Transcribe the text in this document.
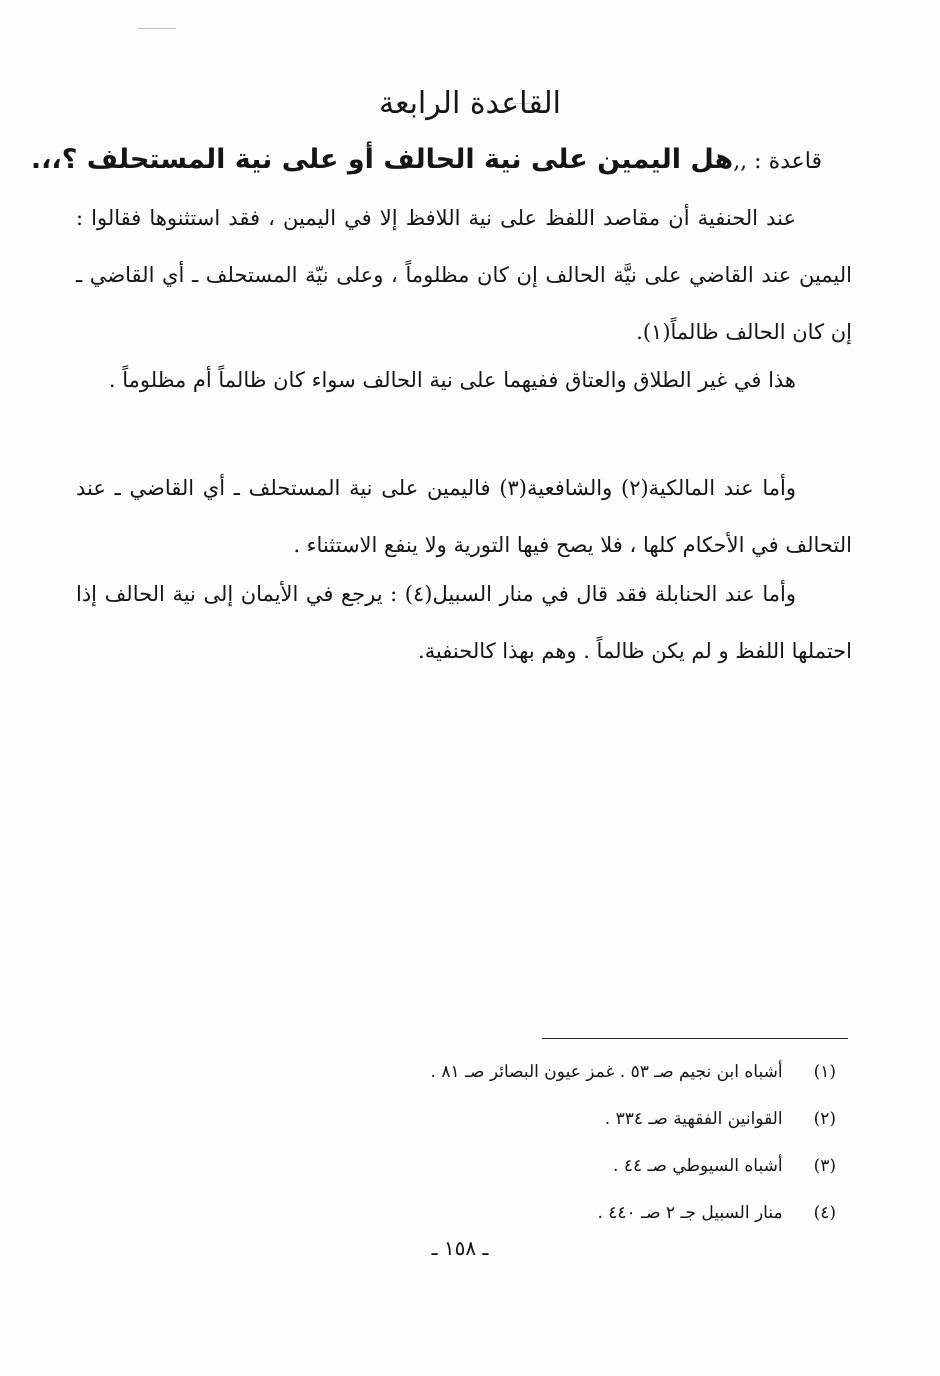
القاعدة الرابعة
قاعدة : ,,هل اليمين على نية الحالف أو على نية المستحلف ؟،،.

عند الحنفية أن مقاصد اللفظ على نية اللافظ إلا في اليمين ، فقد استثنوها فقالوا : اليمين عند القاضي على نيَّة الحالف إن كان مظلوماً ، وعلى نيّة المستحلف ـ أي القاضي ـ إن كان الحالف ظالماً(١).

هذا في غير الطلاق والعتاق ففيهما على نية الحالف سواء كان ظالماً أم مظلوماً .

وأما عند المالكية(٢) والشافعية(٣) فاليمين على نية المستحلف ـ أي القاضي ـ عند التحالف في الأحكام كلها ، فلا يصح فيها التورية ولا ينفع الاستثناء .

وأما عند الحنابلة فقد قال في منار السبيل(٤) : يرجع في الأيمان إلى نية الحالف إذا احتملها اللفظ و لم يكن ظالماً . وهم بهذا كالحنفية.

(١) أشباه ابن نجيم صـ ٥٣ . غمز عيون البصائر صـ ٨١ .
(٢) القوانين الفقهية صـ ٣٣٤ .
(٣) أشباه السيوطي صـ ٤٤ .
(٤) منار السبيل جـ ٢ صـ ٤٤٠ .
ـ ١٥٨ ـ
